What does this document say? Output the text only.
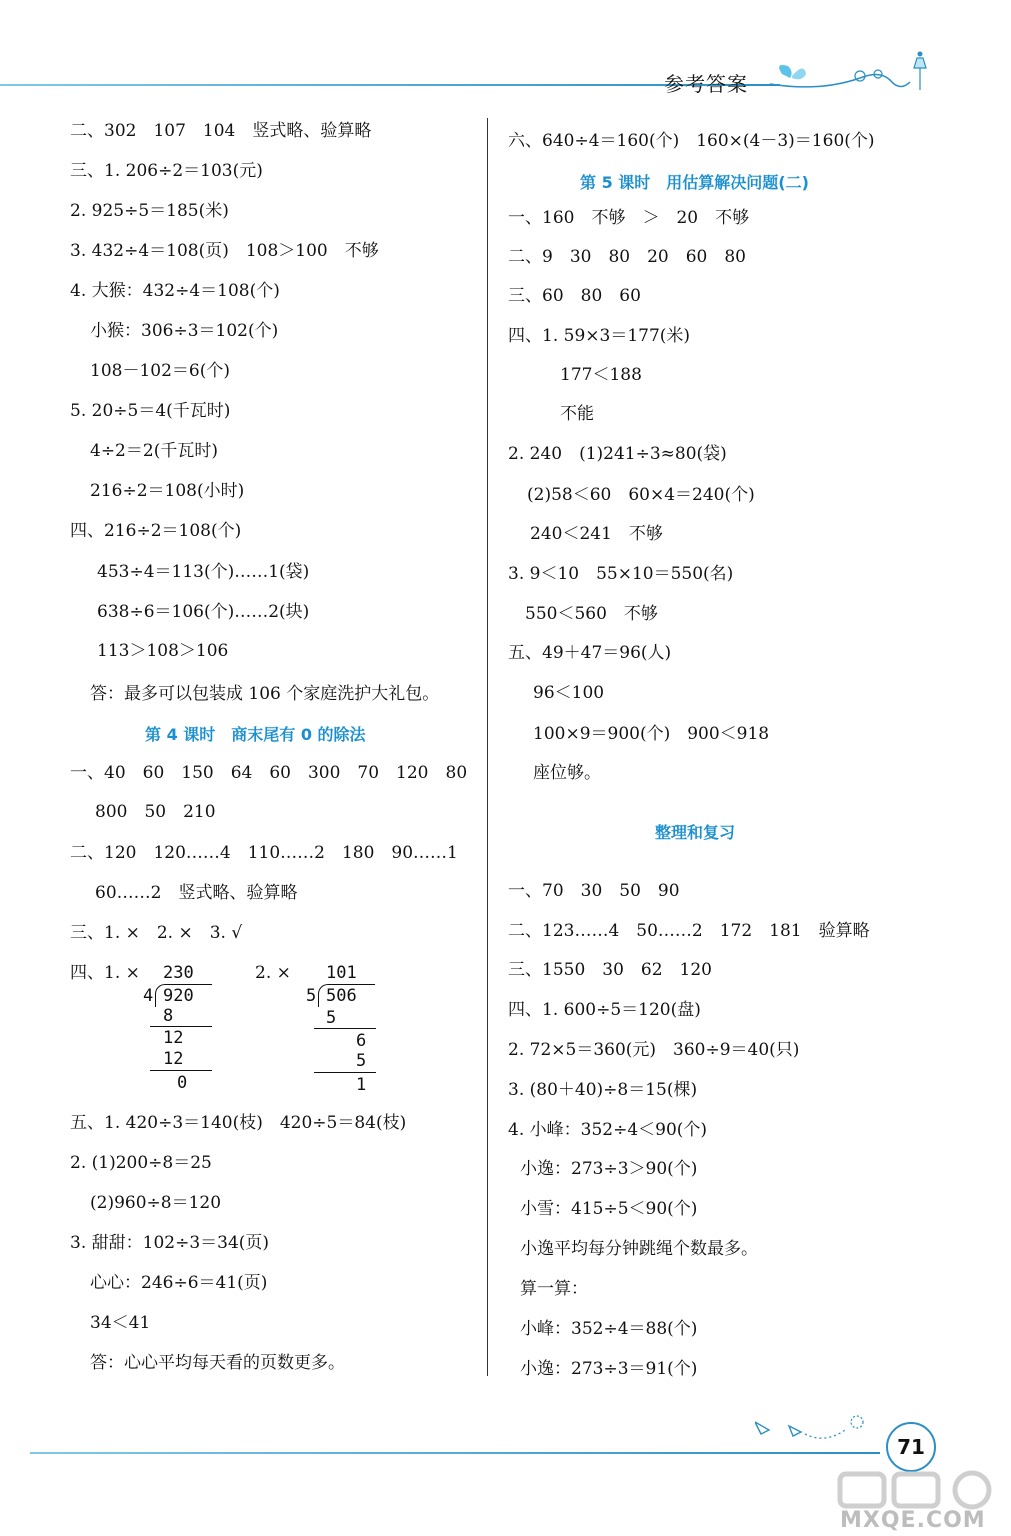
参考答案
二、302　107　104　竖式略、验算略
三、1. 206÷2＝103(元)
2. 925÷5＝185(米)
3. 432÷4＝108(页)　108＞100　不够
4. 大猴：432÷4＝108(个)
小猴：306÷3＝102(个)
108－102＝6(个)
5. 20÷5＝4(千瓦时)
4÷2＝2(千瓦时)
216÷2＝108(小时)
四、216÷2＝108(个)
453÷4＝113(个)……1(袋)
638÷6＝106(个)……2(块)
113＞108＞106
答：最多可以包装成 106 个家庭洗护大礼包。
第 4 课时　商末尾有 0 的除法
一、40　60　150　64　60　300　70　120　80
800　50　210
二、120　120……4　110……2　180　90……1
60……2　竖式略、验算略
三、1. ×　2. ×　3. √
四、1. ×	2. ×
230
4 920
8
12
12
0
101
5 506
5
6
5
1
五、1. 420÷3＝140(枝)　420÷5＝84(枝)
2. (1)200÷8＝25
(2)960÷8＝120
3. 甜甜：102÷3＝34(页)
心心：246÷6＝41(页)
34＜41
答：心心平均每天看的页数更多。
六、640÷4＝160(个)　160×(4－3)＝160(个)
第 5 课时　用估算解决问题(二)
一、160　不够　＞　20　不够
二、9　30　80　20　60　80
三、60　80　60
四、1. 59×3＝177(米)
177＜188
不能
2. 240　(1)241÷3≈80(袋)
(2)58＜60　60×4＝240(个)
240＜241　不够
3. 9＜10　55×10＝550(名)
550＜560　不够
五、49＋47＝96(人)
96＜100
100×9＝900(个)　900＜918
座位够。
整理和复习
一、70　30　50　90
二、123……4　50……2　172　181　验算略
三、1550　30　62　120
四、1. 600÷5＝120(盘)
2. 72×5＝360(元)　360÷9＝40(只)
3. (80＋40)÷8＝15(棵)
4. 小峰：352÷4＜90(个)
小逸：273÷3＞90(个)
小雪：415÷5＜90(个)
小逸平均每分钟跳绳个数最多。
算一算：
小峰：352÷4＝88(个)
小逸：273÷3＝91(个)
71
MXQE.COM
